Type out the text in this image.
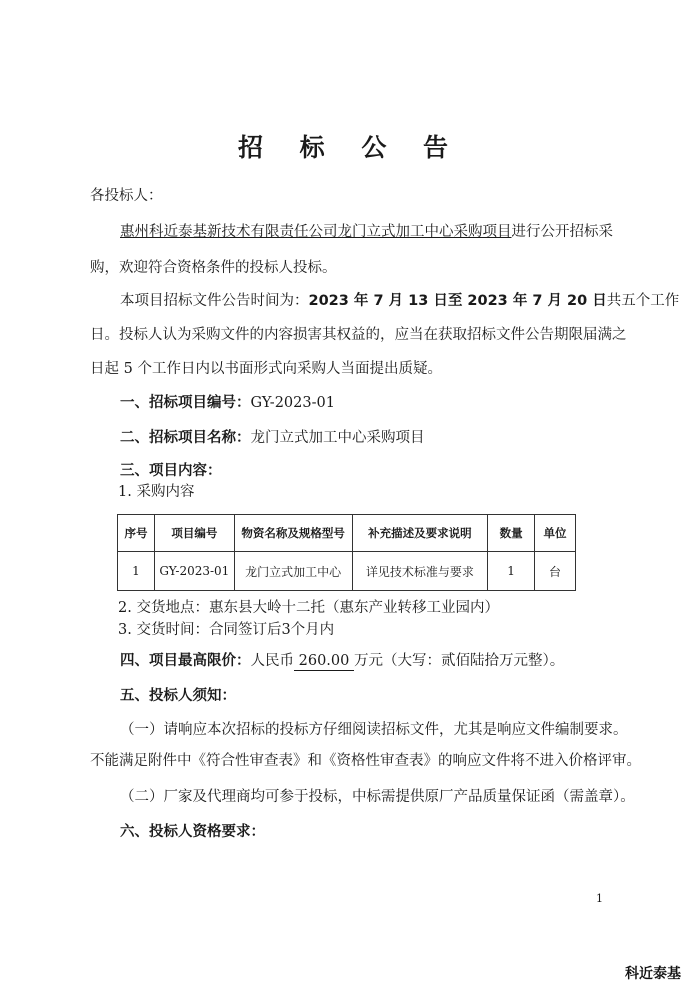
招 标 公 告
各投标人：
惠州科近泰基新技术有限责任公司龙门立式加工中心采购项目进行公开招标采
购，欢迎符合资格条件的投标人投标。
本项目招标文件公告时间为：2023 年 7 月 13 日至 2023 年 7 月 20 日共五个工作
日。投标人认为采购文件的内容损害其权益的，应当在获取招标文件公告期限届满之
日起 5 个工作日内以书面形式向采购人当面提出质疑。
一、招标项目编号：GY-2023-01
二、招标项目名称：龙门立式加工中心采购项目
三、项目内容：
1. 采购内容
序号	项目编号	物资名称及规格型号	补充描述及要求说明	数量	单位
1	GY-2023-01	龙门立式加工中心	详见技术标准与要求	1	台
2. 交货地点：惠东县大岭十二托（惠东产业转移工业园内）
3. 交货时间：合同签订后3个月内
四、项目最高限价：人民币 260.00 万元（大写：贰佰陆拾万元整）。
五、投标人须知：
（一）请响应本次招标的投标方仔细阅读招标文件，尤其是响应文件编制要求。
不能满足附件中《符合性审查表》和《资格性审查表》的响应文件将不进入价格评审。
（二）厂家及代理商均可参于投标，中标需提供原厂产品质量保证函（需盖章）。
六、投标人资格要求：
1
科近泰基
